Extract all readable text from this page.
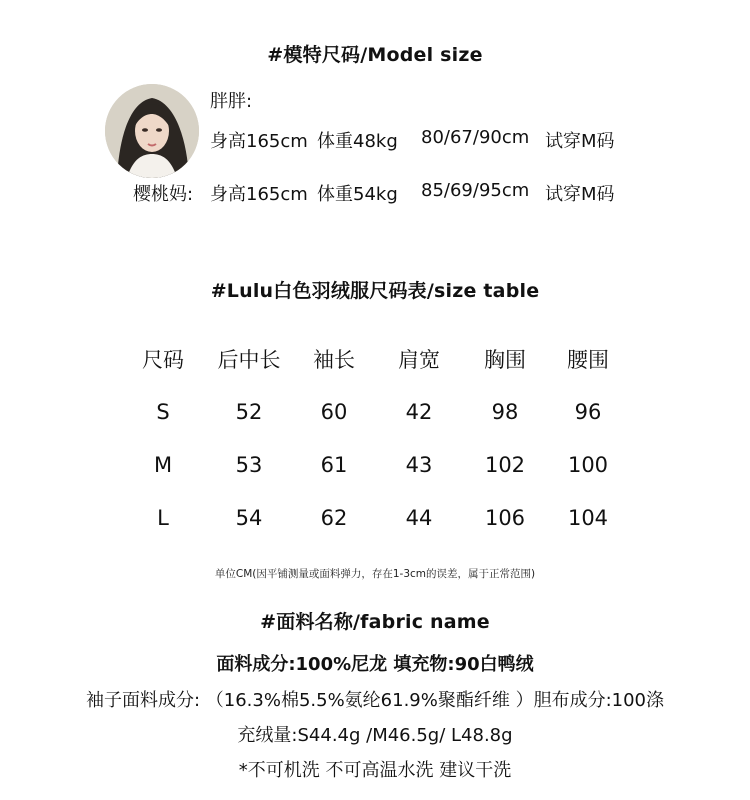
#模特尺码/Model size
胖胖:
身高165cm 体重48kg 80/67/90cm 试穿M码
樱桃妈: 身高165cm 体重54kg 85/69/95cm 试穿M码
#Lulu白色羽绒服尺码表/size table
尺码	后中长	袖长	肩宽	胸围	腰围
S	52	60	42	98	96
M	53	61	43	102	100
L	54	62	44	106	104
单位CM(因平铺测量或面料弹力，存在1-3cm的误差，属于正常范围)
#面料名称/fabric name
面料成分:100%尼龙 填充物:90白鸭绒
袖子面料成分: （16.3%棉5.5%氨纶61.9%聚酯纤维 ）胆布成分:100涤
充绒量:S44.4g /M46.5g/ L48.8g
*不可机洗 不可高温水洗 建议干洗
